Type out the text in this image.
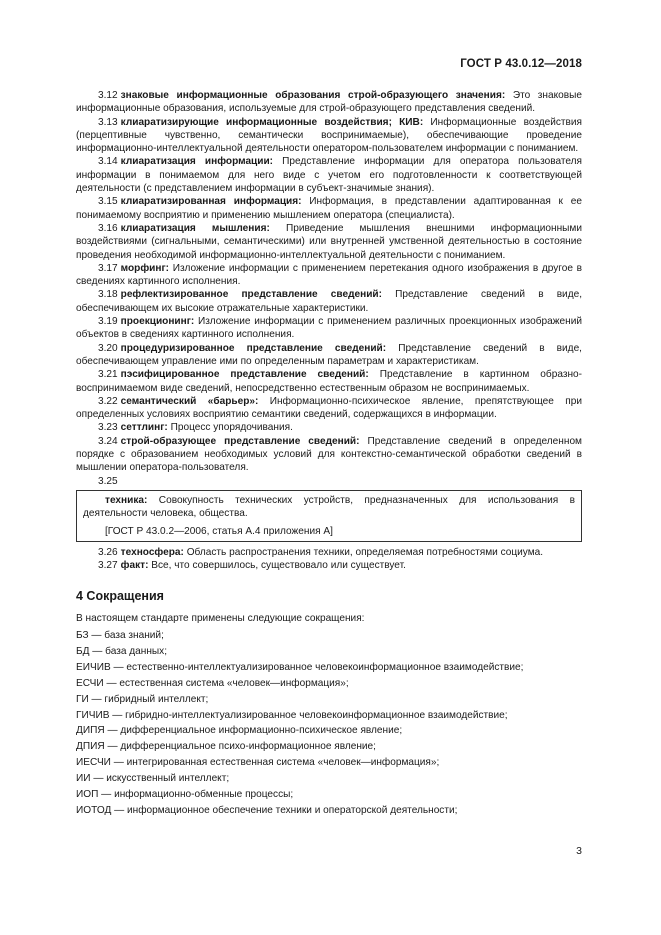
ГОСТ Р 43.0.12—2018

3.12 знаковые информационные образования строй-образующего значения: Это знаковые информационные образования, используемые для строй-образующего представления сведений.

3.13 клиаратизирующие информационные воздействия; КИВ: Информационные воздействия (перцептивные чувственно, семантически воспринимаемые), обеспечивающие проведение информационно-интеллектуальной деятельности оператором-пользователем информации с пониманием.

3.14 клиаратизация информации: Представление информации для оператора пользователя информации в понимаемом для него виде с учетом его подготовленности к соответствующей деятельности (с представлением информации в субъект-значимые знания).

3.15 клиаратизированная информация: Информация, в представлении адаптированная к ее понимаемому восприятию и применению мышлением оператора (специалиста).

3.16 клиаратизация мышления: Приведение мышления внешними информационными воздействиями (сигнальными, семантическими) или внутренней умственной деятельностью в состояние проведения необходимой информационно-интеллектуальной деятельности с пониманием.

3.17 морфинг: Изложение информации с применением перетекания одного изображения в другое в сведениях картинного исполнения.

3.18 рефлектизированное представление сведений: Представление сведений в виде, обеспечивающем их высокие отражательные характеристики.

3.19 проекционинг: Изложение информации с применением различных проекционных изображений объектов в сведениях картинного исполнения.

3.20 процедуризированное представление сведений: Представление сведений в виде, обеспечивающем управление ими по определенным параметрам и характеристикам.

3.21 пэсифицированное представление сведений: Представление в картинном образно-воспринимаемом виде сведений, непосредственно естественным образом не воспринимаемых.

3.22 семантический «барьер»: Информационно-психическое явление, препятствующее при определенных условиях восприятию семантики сведений, содержащихся в информации.

3.23 сеттлинг: Процесс упорядочивания.

3.24 строй-образующее представление сведений: Представление сведений в определенном порядке с образованием необходимых условий для контекстно-семантической обработки сведений в мышлении оператора-пользователя.

3.25

техника: Совокупность технических устройств, предназначенных для использования в деятельности человека, общества.

[ГОСТ Р 43.0.2—2006, статья А.4 приложения А]

3.26 техносфера: Область распространения техники, определяемая потребностями социума.

3.27 факт: Все, что совершилось, существовало или существует.

4 Сокращения

В настоящем стандарте применены следующие сокращения:

БЗ — база знаний;

БД — база данных;

ЕИЧИВ — естественно-интеллектуализированное человекоинформационное взаимодействие;

ЕСЧИ — естественная система «человек—информация»;

ГИ — гибридный интеллект;

ГИЧИВ — гибридно-интеллектуализированное человекоинформационное взаимодействие;

ДИПЯ — дифференциальное информационно-психическое явление;

ДПИЯ — дифференциальное психо-информационное явление;

ИЕСЧИ — интегрированная естественная система «человек—информация»;

ИИ — искусственный интеллект;

ИОП — информационно-обменные процессы;

ИОТОД — информационное обеспечение техники и операторской деятельности;

3
